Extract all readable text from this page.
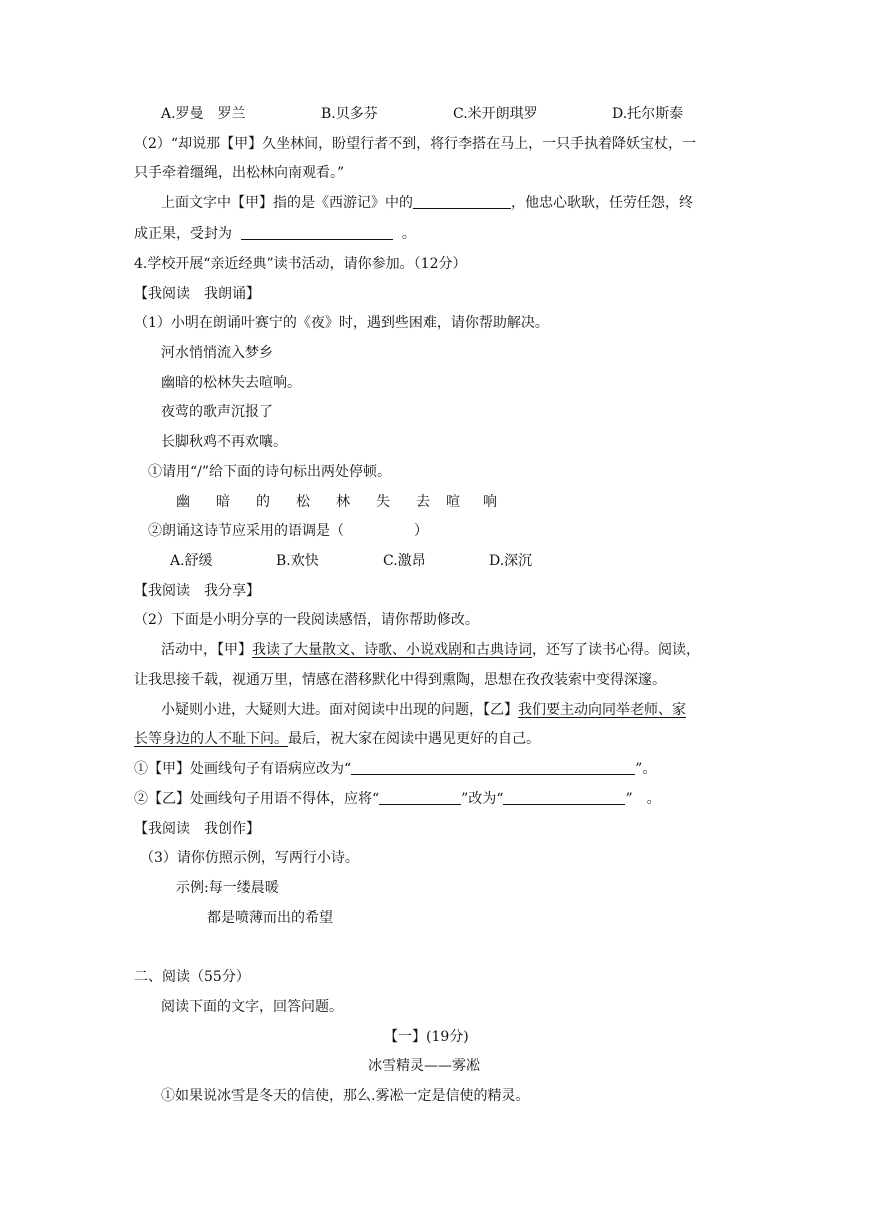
A.罗曼　罗兰	B.贝多芬	C.米开朗琪罗	D.托尔斯泰
（2）“却说那【甲】久坐林间，盼望行者不到，将行李搭在马上，一只手执着降妖宝杖，一
只手牵着缰绳，出松林向南观看。”
上面文字中【甲】指的是《西游记》中的	，他忠心耿耿，任劳任怨，终
成正果，受封为	。
4.学校开展“亲近经典”读书活动，请你参加。（12分）
【我阅读　我朗诵】
（1）小明在朗诵叶赛宁的《夜》时，遇到些困难，请你帮助解决。
河水悄悄流入梦乡
幽暗的松林失去喧响。
夜莺的歌声沉报了
长脚秋鸡不再欢嚷。
①请用“/”给下面的诗句标出两处停顿。
幽 暗 的 松 林 失 去 喧 响
②朗诵这诗节应采用的语调是（　　　　　）
A.舒缓	B.欢快	C.激昂	D.深沉
【我阅读　我分享】
（2）下面是小明分享的一段阅读感悟，请你帮助修改。
活动中，【甲】我读了大量散文、诗歌、小说戏剧和古典诗词，还写了读书心得。阅读，
让我思接千载，视通万里，情感在潜移默化中得到熏陶，思想在孜孜装索中变得深邃。
小疑则小进，大疑则大进。面对阅读中出现的问题，【乙】我们要主动向同举老师、家
长等身边的人不耻下问。最后，祝大家在阅读中遇见更好的自己。
①【甲】处画线句子有语病应改为“	”。
②【乙】处画线句子用语不得体，应将“	”改为“	”　。
【我阅读　我创作】
（3）请你仿照示例，写两行小诗。
示例:每一缕晨暖
都是喷薄而出的希望
二、阅读（55分）
阅读下面的文字，回答问题。
【一】(19分)
冰雪精灵——雾凇
①如果说冰雪是冬天的信使，那么.雾凇一定是信使的精灵。
